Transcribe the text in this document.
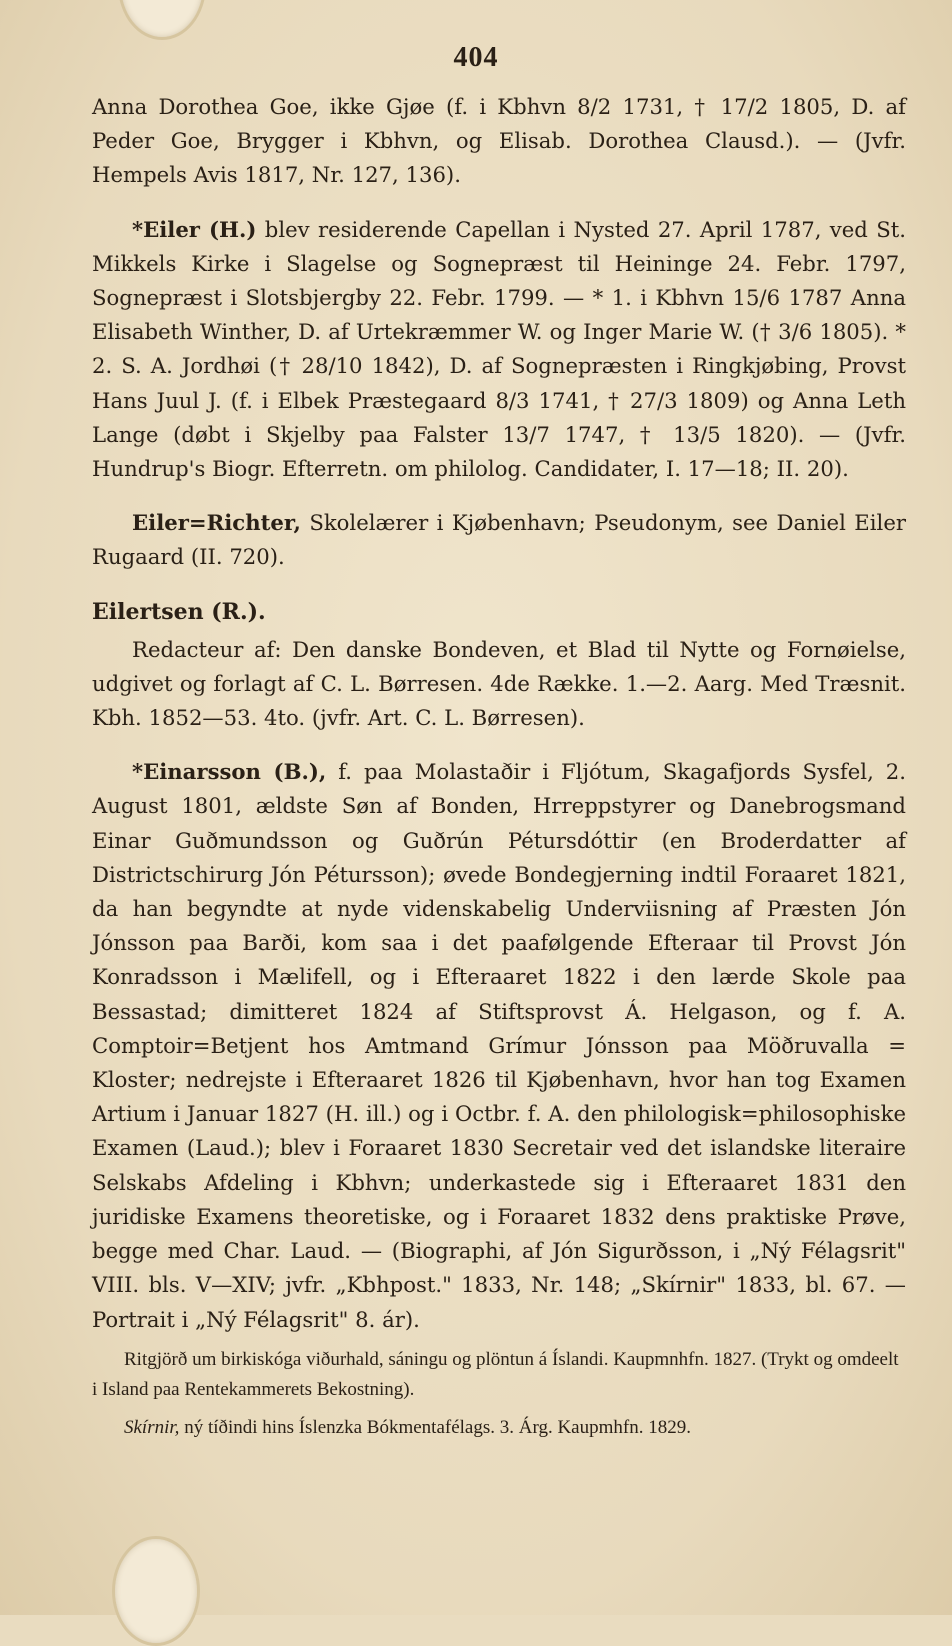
404

Anna Dorothea Goe, ikke Gjøe (f. i Kbhvn 8/2 1731, † 17/2 1805, D. af Peder Goe, Brygger i Kbhvn, og Elisab. Dorothea Clausd.). — (Jvfr. Hempels Avis 1817, Nr. 127, 136).

*Eiler (H.) blev residerende Capellan i Nysted 27. April 1787, ved St. Mikkels Kirke i Slagelse og Sognepræst til Heininge 24. Febr. 1797, Sognepræst i Slotsbjergby 22. Febr. 1799. — * 1. i Kbhvn 15/6 1787 Anna Elisabeth Winther, D. af Urtekræmmer W. og Inger Marie W. († 3/6 1805). * 2. S. A. Jordhøi († 28/10 1842), D. af Sognepræsten i Ringkjøbing, Provst Hans Juul J. (f. i Elbek Præstegaard 8/3 1741, † 27/3 1809) og Anna Leth Lange (døbt i Skjelby paa Falster 13/7 1747, † 13/5 1820). — (Jvfr. Hundrup's Biogr. Efterretn. om philolog. Candidater, I. 17—18; II. 20).

Eiler=Richter, Skolelærer i Kjøbenhavn; Pseudonym, see Daniel Eiler Rugaard (II. 720).

Eilertsen (R.).

Redacteur af: Den danske Bondeven, et Blad til Nytte og Fornøielse, udgivet og forlagt af C. L. Børresen. 4de Række. 1.—2. Aarg. Med Træsnit. Kbh. 1852—53. 4to. (jvfr. Art. C. L. Børresen).

*Einarsson (B.), f. paa Molastaðir i Fljótum, Skagafjords Sysfel, 2. August 1801, ældste Søn af Bonden, Hrreppstyrer og Danebrogsmand Einar Guðmundsson og Guðrún Pétursdóttir (en Broderdatter af Districtschirurg Jón Pétursson); øvede Bondegjerning indtil Foraaret 1821, da han begyndte at nyde videnskabelig Underviisning af Præsten Jón Jónsson paa Barði, kom saa i det paafølgende Efteraar til Provst Jón Konradsson i Mælifell, og i Efteraaret 1822 i den lærde Skole paa Bessastad; dimitteret 1824 af Stiftsprovst Á. Helgason, og f. A. Comptoir=Betjent hos Amtmand Grímur Jónsson paa Möðruvalla = Kloster; nedrejste i Efteraaret 1826 til Kjøbenhavn, hvor han tog Examen Artium i Januar 1827 (H. ill.) og i Octbr. f. A. den philologisk=philosophiske Examen (Laud.); blev i Foraaret 1830 Secretair ved det islandske literaire Selskabs Afdeling i Kbhvn; underkastede sig i Efteraaret 1831 den juridiske Examens theoretiske, og i Foraaret 1832 dens praktiske Prøve, begge med Char. Laud. — (Biographi, af Jón Sigurðsson, i „Ný Félagsrit" VIII. bls. V—XIV; jvfr. „Kbhpost." 1833, Nr. 148; „Skírnir" 1833, bl. 67. — Portrait i „Ný Félagsrit" 8. ár).

Ritgjörð um birkiskóga viðurhald, sáningu og plöntun á Íslandi. Kaupmnhfn. 1827. (Trykt og omdeelt i Island paa Rentekammerets Bekostning).

Skírnir, ný tíðindi hins Íslenzka Bókmentafélags. 3. Árg. Kaupmhfn. 1829.
